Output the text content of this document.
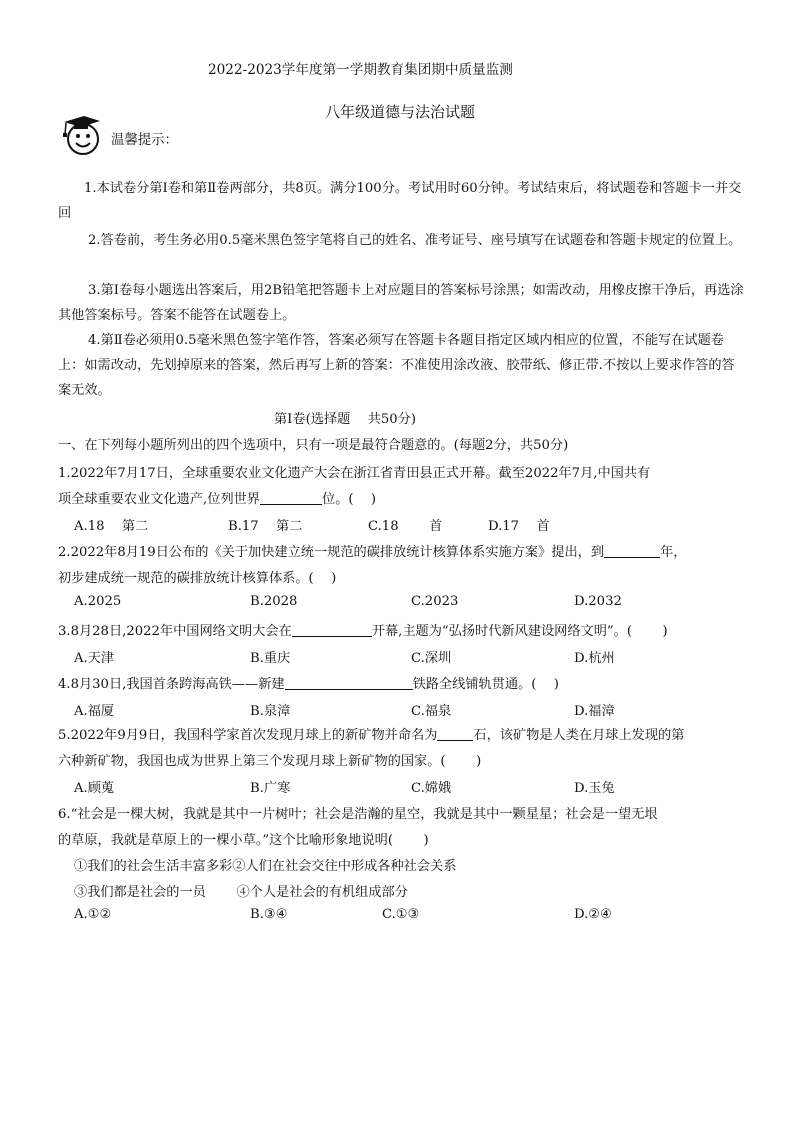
2022-2023学年度第一学期教育集团期中质量监测
八年级道德与法治试题
温馨提示：
1.本试卷分第Ⅰ卷和第Ⅱ卷两部分，共8页。满分100分。考试用时60分钟。考试结束后，将试题卷和答题卡一并交回
2.答卷前，考生务必用0.5毫米黑色签字笔将自己的姓名、准考证号、座号填写在试题卷和答题卡规定的位置上。
3.第Ⅰ卷每小题选出答案后，用2B铅笔把答题卡上对应题目的答案标号涂黑；如需改动，用橡皮擦干净后，再选涂其他答案标号。答案不能答在试题卷上。
4.第Ⅱ卷必须用0.5毫米黑色签字笔作答，答案必须写在答题卡各题目指定区域内相应的位置，不能写在试题卷上：如需改动，先划掉原来的答案，然后再写上新的答案：不准使用涂改液、胶带纸、修正带.不按以上要求作答的答案无效。
第Ⅰ卷(选择题　 共50分)
一、在下列每小题所列出的四个选项中，只有一项是最符合题意的。(每题2分，共50分)
1.2022年7月17日，全球重要农业文化遗产大会在浙江省青田县正式开幕。截至2022年7月,中国共有
项全球重要农业文化遗产,位列世界	位。(　 )
A.18　 第二	B.17　 第二	C.18　　 首	D.17　 首
2.2022年8月19日公布的《关于加快建立统一规范的碳排放统计核算体系实施方案》提出，到	年，
初步建成统一规范的碳排放统计核算体系。(　 )
A.2025	B.2028	C.2023	D.2032
3.8月28日,2022年中国网络文明大会在	开幕,主题为“弘扬时代新风建设网络文明”。(　　 )
A.天津	B.重庆	C.深圳	D.杭州
4.8月30日,我国首条跨海高铁——新建	铁路全线铺轨贯通。(　 )
A.福厦	B.泉漳	C.福泉	D.福漳
5.2022年9月9日，我国科学家首次发现月球上的新矿物并命名为	石，该矿物是人类在月球上发现的第
六种新矿物，我国也成为世界上第三个发现月球上新矿物的国家。(　　 )
A.顾蒐	B.广寒	C.嫦娥	D.玉兔
6.“社会是一棵大树，我就是其中一片树叶；社会是浩瀚的星空，我就是其中一颗星星；社会是一望无垠
的草原，我就是草原上的一棵小草。”这个比喻形象地说明(　　 )
①我们的社会生活丰富多彩②人们在社会交往中形成各种社会关系
③我们都是社会的一员　　 ④个人是社会的有机组成部分
A.①②	B.③④	C.①③	D.②④
